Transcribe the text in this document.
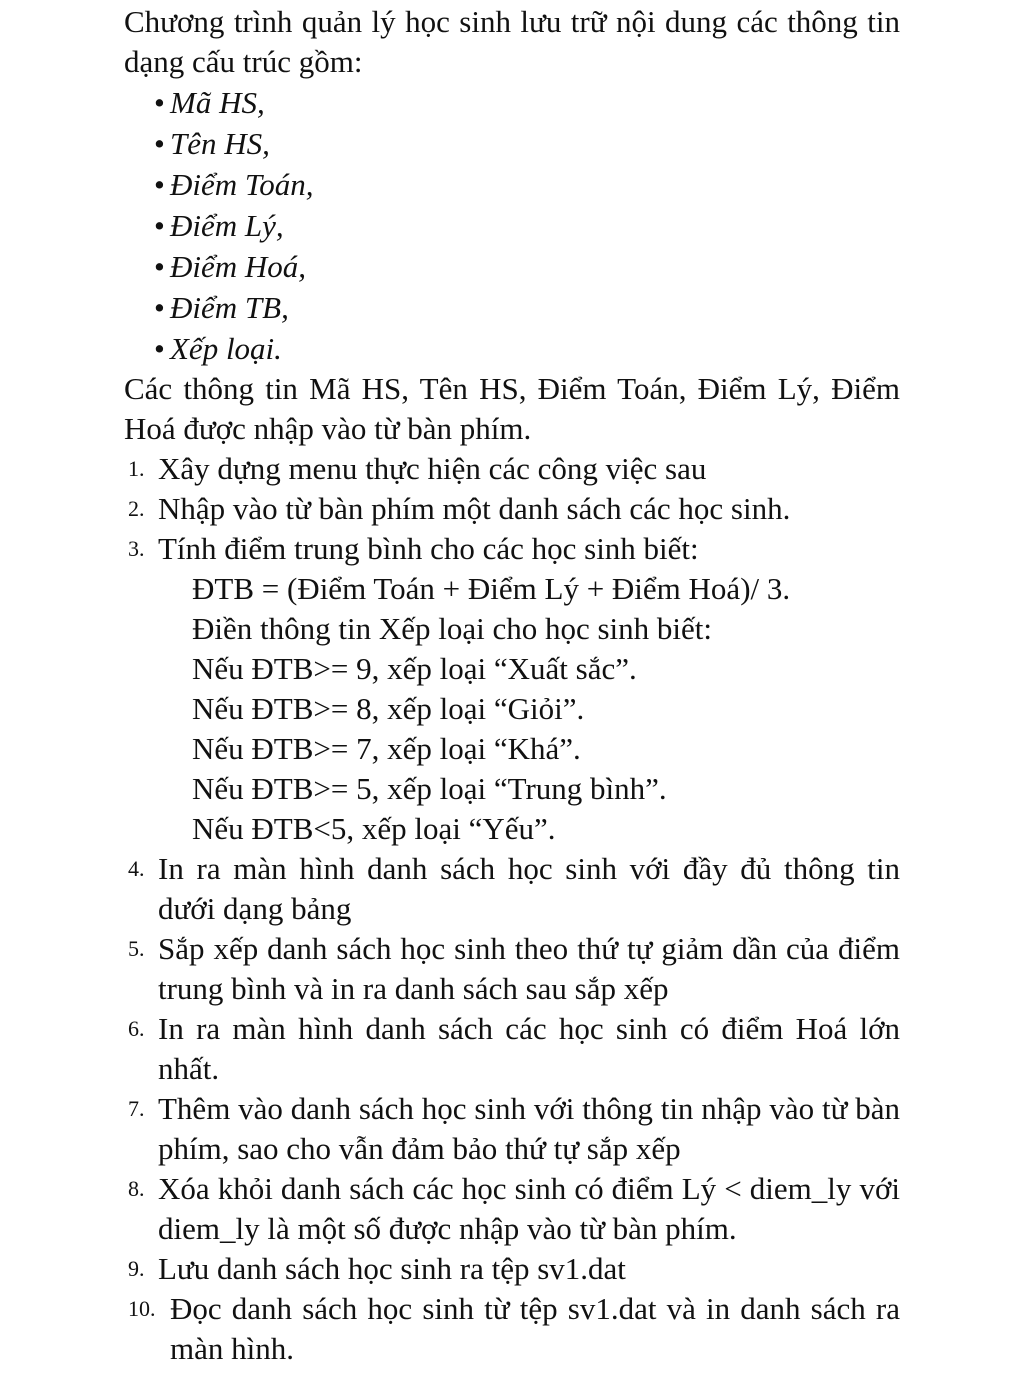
Chương trình quản lý học sinh lưu trữ nội dung các thông tin dạng cấu trúc gồm:

• Mã HS,
• Tên HS,
• Điểm Toán,
• Điểm Lý,
• Điểm Hoá,
• Điểm TB,
• Xếp loại.

Các thông tin Mã HS, Tên HS, Điểm Toán, Điểm Lý, Điểm Hoá được nhập vào từ bàn phím.

1. Xây dựng menu thực hiện các công việc sau
2. Nhập vào từ bàn phím một danh sách các học sinh.
3. Tính điểm trung bình cho các học sinh biết:
ĐTB = (Điểm Toán + Điểm Lý + Điểm Hoá)/ 3.
Điền thông tin Xếp loại cho học sinh biết:
Nếu ĐTB>= 9, xếp loại “Xuất sắc”.
Nếu ĐTB>= 8, xếp loại “Giỏi”.
Nếu ĐTB>= 7, xếp loại “Khá”.
Nếu ĐTB>= 5, xếp loại “Trung bình”.
Nếu ĐTB<5, xếp loại “Yếu”.
4. In ra màn hình danh sách học sinh với đầy đủ thông tin dưới dạng bảng
5. Sắp xếp danh sách học sinh theo thứ tự giảm dần của điểm trung bình và in ra danh sách sau sắp xếp
6. In ra màn hình danh sách các học sinh có điểm Hoá lớn nhất.
7. Thêm vào danh sách học sinh với thông tin nhập vào từ bàn phím, sao cho vẫn đảm bảo thứ tự sắp xếp
8. Xóa khỏi danh sách các học sinh có điểm Lý < diem_ly với diem_ly là một số được nhập vào từ bàn phím.
9. Lưu danh sách học sinh ra tệp sv1.dat
10. Đọc danh sách học sinh từ tệp sv1.dat và in danh sách ra màn hình.
